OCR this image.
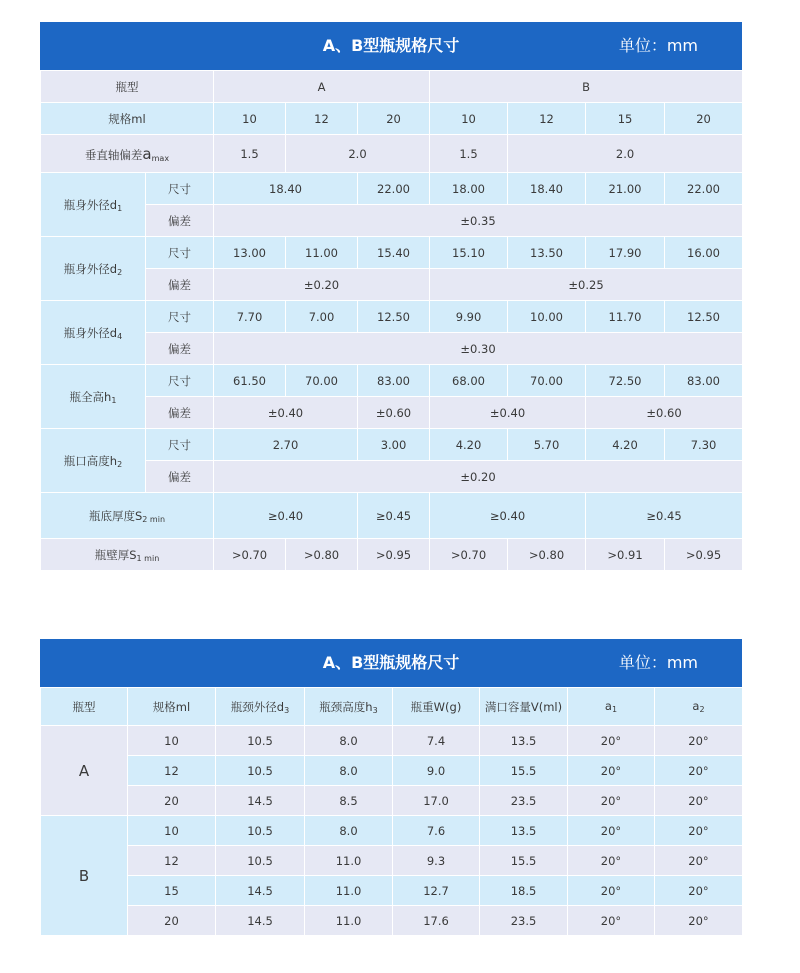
A、B型瓶规格尺寸	单位：mm
瓶型		A			B			
规格ml		10	12	20	10	12	15	20
垂直轴偏差$a_{max}$		1.5	2.0		1.5	2.0		
瓶身外径$d_1$	尺寸	18.40		22.00	18.00	18.40	21.00	22.00
	偏差	±0.35						
瓶身外径$d_2$	尺寸	13.00	11.00	15.40	15.10	13.50	17.90	16.00
	偏差	±0.20			±0.25			
瓶身外径$d_4$	尺寸	7.70	7.00	12.50	9.90	10.00	11.70	12.50
	偏差	±0.30						
瓶全高$h_1$	尺寸	61.50	70.00	83.00	68.00	70.00	72.50	83.00
	偏差	±0.40		±0.60	±0.40		±0.60	
瓶口高度$h_2$	尺寸	2.70		3.00	4.20	5.70	4.20	7.30
	偏差	±0.20						
瓶底厚度$S_{2 min}$		≥0.40		≥0.45	≥0.40		≥0.45	
瓶壁厚$S_{1 min}$		>0.70	>0.80	>0.95	>0.70	>0.80	>0.91	>0.95
A、B型瓶规格尺寸	单位：mm
瓶型	规格ml	瓶颈外径$d_3$	瓶颈高度$h_3$	瓶重W(g)	满口容量V(ml)	$a_1$	$a_2$
A	10	10.5	8.0	7.4	13.5	20°	20°
	12	10.5	8.0	9.0	15.5	20°	20°
	20	14.5	8.5	17.0	23.5	20°	20°
B	10	10.5	8.0	7.6	13.5	20°	20°
	12	10.5	11.0	9.3	15.5	20°	20°
	15	14.5	11.0	12.7	18.5	20°	20°
	20	14.5	11.0	17.6	23.5	20°	20°
